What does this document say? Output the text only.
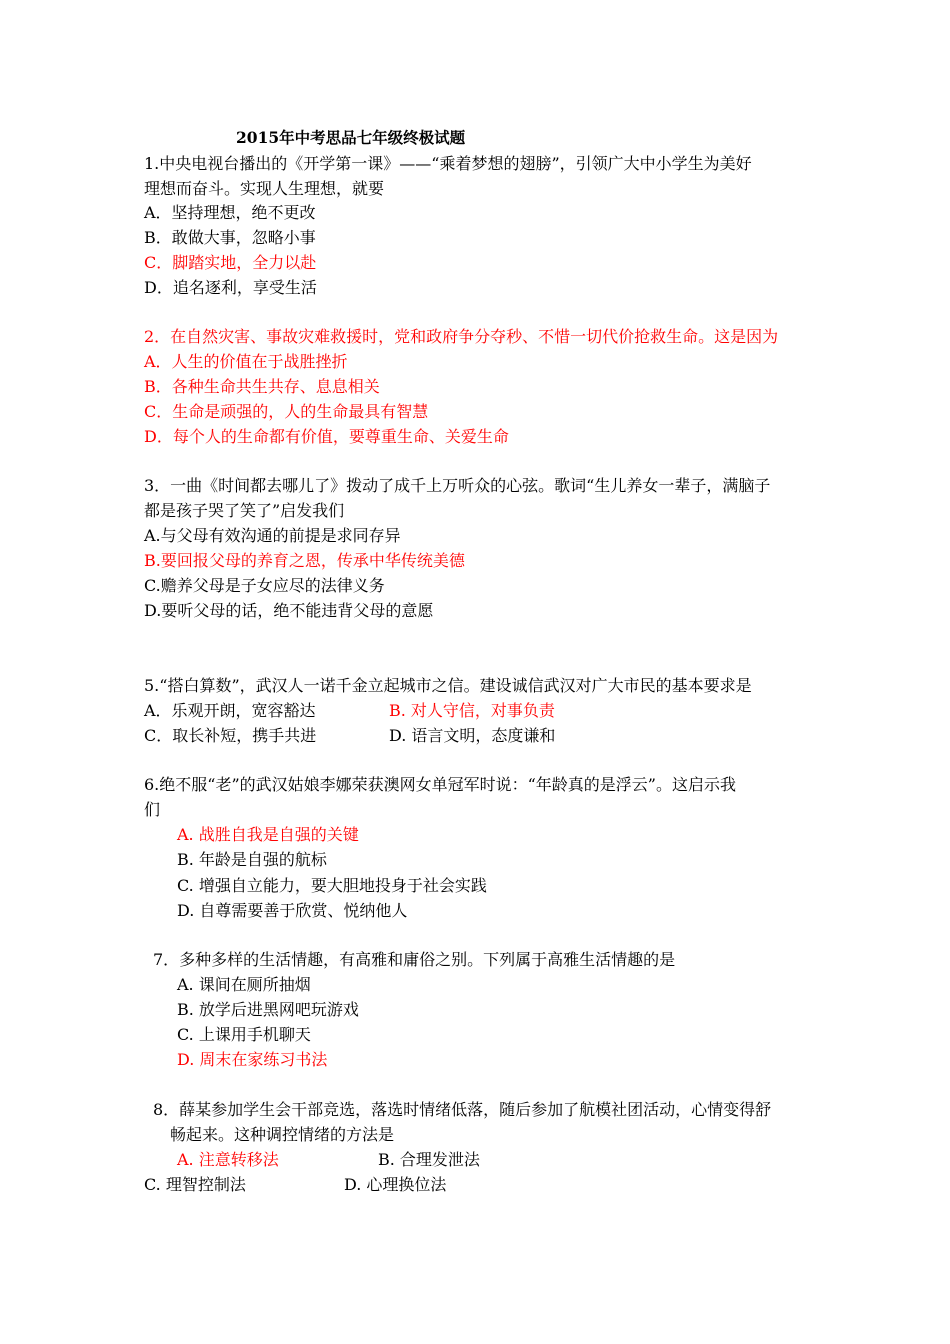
2015年中考思品七年级终极试题
1.中央电视台播出的《开学第一课》——“乘着梦想的翅膀”，引领广大中小学生为美好
理想而奋斗。实现人生理想，就要
A．坚持理想，绝不更改
B．敢做大事，忽略小事
C．脚踏实地，全力以赴
D．追名逐利，享受生活
2．在自然灾害、事故灾难救援时，党和政府争分夺秒、不惜一切代价抢救生命。这是因为
A．人生的价值在于战胜挫折
B．各种生命共生共存、息息相关
C．生命是顽强的，人的生命最具有智慧
D．每个人的生命都有价值，要尊重生命、关爱生命
3．一曲《时间都去哪儿了》拨动了成千上万听众的心弦。歌词“生儿养女一辈子，满脑子
都是孩子哭了笑了”启发我们
A.与父母有效沟通的前提是求同存异
B.要回报父母的养育之恩，传承中华传统美德
C.赡养父母是子女应尽的法律义务
D.要听父母的话，绝不能违背父母的意愿
5.“搭白算数”，武汉人一诺千金立起城市之信。建设诚信武汉对广大市民的基本要求是
A．乐观开朗，宽容豁达	B. 对人守信，对事负责
C．取长补短，携手共进	D. 语言文明，态度谦和
6.绝不服“老”的武汉姑娘李娜荣获澳网女单冠军时说：“年龄真的是浮云”。这启示我
们
A. 战胜自我是自强的关键
B. 年龄是自强的航标
C. 增强自立能力，要大胆地投身于社会实践
D. 自尊需要善于欣赏、悦纳他人
7．多种多样的生活情趣，有高雅和庸俗之别。下列属于高雅生活情趣的是
A. 课间在厕所抽烟
B. 放学后进黑网吧玩游戏
C. 上课用手机聊天
D. 周末在家练习书法
8．薛某参加学生会干部竞选，落选时情绪低落，随后参加了航模社团活动，心情变得舒
畅起来。这种调控情绪的方法是
A. 注意转移法	B. 合理发泄法
C. 理智控制法	D. 心理换位法
